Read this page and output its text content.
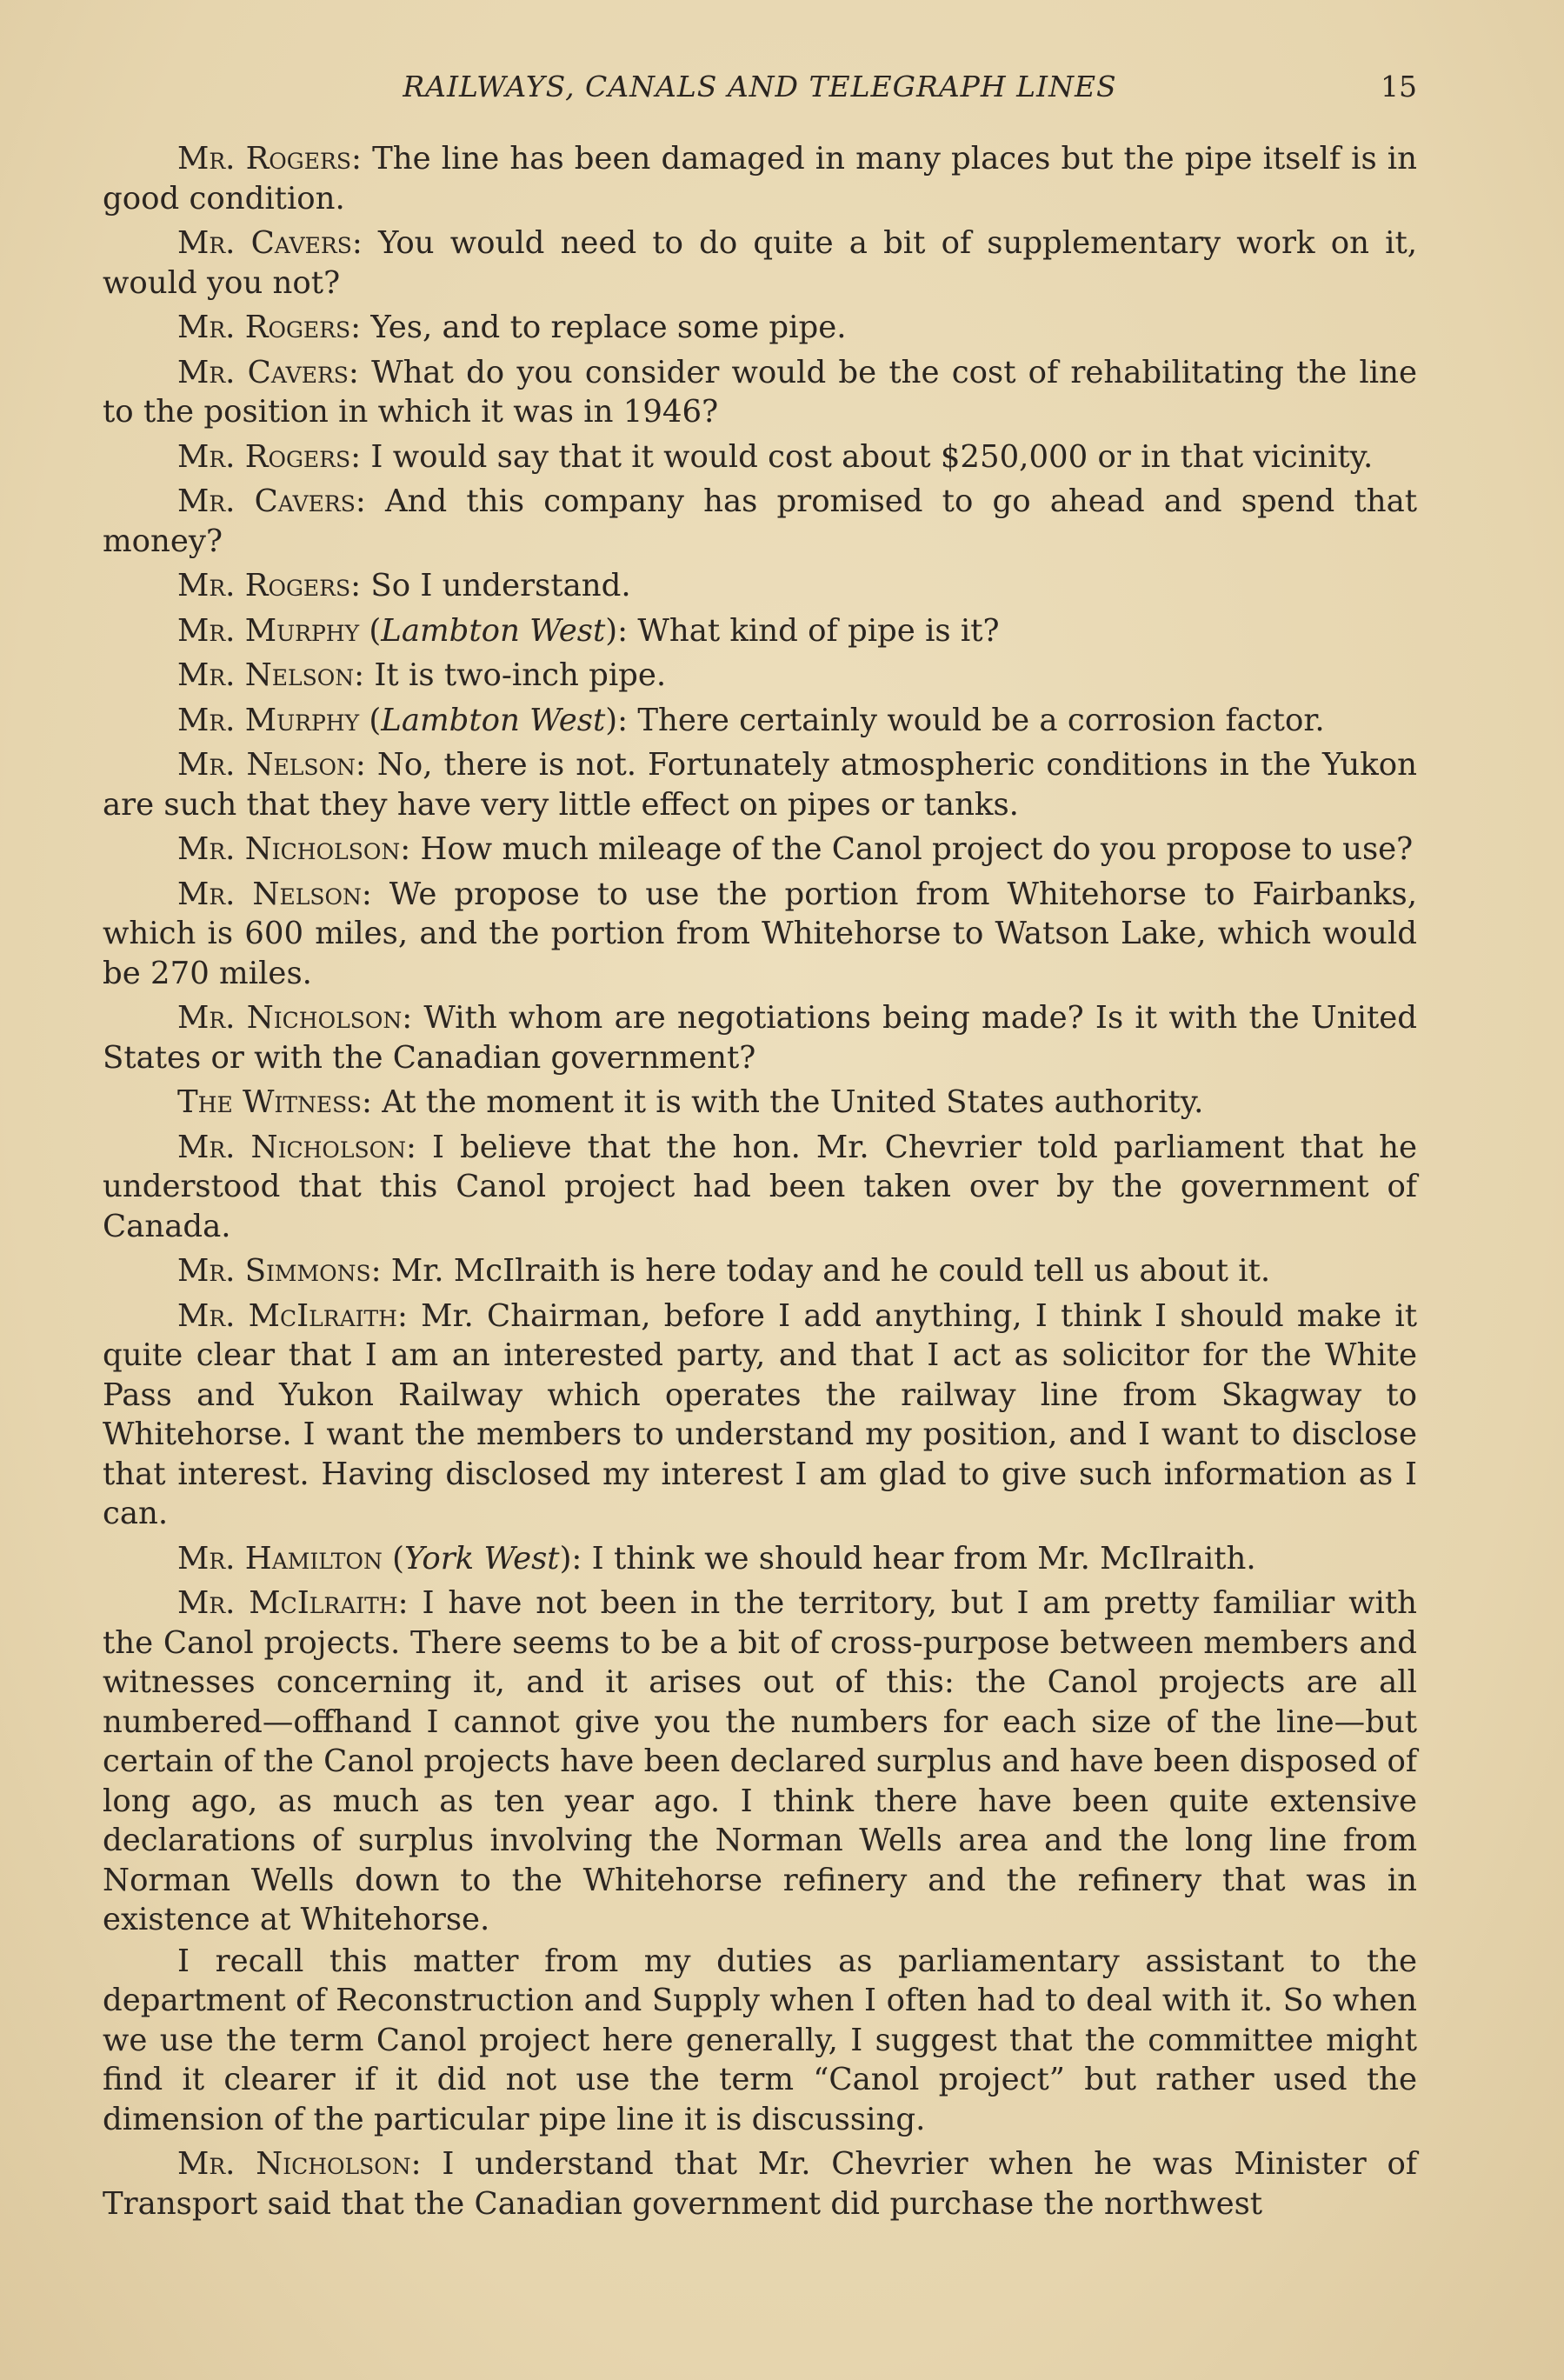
RAILWAYS, CANALS AND TELEGRAPH LINES	15

Mr. Rogers: The line has been damaged in many places but the pipe itself is in good condition.

Mr. Cavers: You would need to do quite a bit of supplementary work on it, would you not?

Mr. Rogers: Yes, and to replace some pipe.

Mr. Cavers: What do you consider would be the cost of rehabilitating the line to the position in which it was in 1946?

Mr. Rogers: I would say that it would cost about $250,000 or in that vicinity.

Mr. Cavers: And this company has promised to go ahead and spend that money?

Mr. Rogers: So I understand.

Mr. Murphy (Lambton West): What kind of pipe is it?

Mr. Nelson: It is two-inch pipe.

Mr. Murphy (Lambton West): There certainly would be a corrosion factor.

Mr. Nelson: No, there is not. Fortunately atmospheric conditions in the Yukon are such that they have very little effect on pipes or tanks.

Mr. Nicholson: How much mileage of the Canol project do you propose to use?

Mr. Nelson: We propose to use the portion from Whitehorse to Fairbanks, which is 600 miles, and the portion from Whitehorse to Watson Lake, which would be 270 miles.

Mr. Nicholson: With whom are negotiations being made? Is it with the United States or with the Canadian government?

The Witness: At the moment it is with the United States authority.

Mr. Nicholson: I believe that the hon. Mr. Chevrier told parliament that he understood that this Canol project had been taken over by the government of Canada.

Mr. Simmons: Mr. McIlraith is here today and he could tell us about it.

Mr. McIlraith: Mr. Chairman, before I add anything, I think I should make it quite clear that I am an interested party, and that I act as solicitor for the White Pass and Yukon Railway which operates the railway line from Skagway to Whitehorse. I want the members to understand my position, and I want to disclose that interest. Having disclosed my interest I am glad to give such information as I can.

Mr. Hamilton (York West): I think we should hear from Mr. McIlraith.

Mr. McIlraith: I have not been in the territory, but I am pretty familiar with the Canol projects. There seems to be a bit of cross-purpose between members and witnesses concerning it, and it arises out of this: the Canol projects are all numbered—offhand I cannot give you the numbers for each size of the line—but certain of the Canol projects have been declared surplus and have been disposed of long ago, as much as ten year ago. I think there have been quite extensive declarations of surplus involving the Norman Wells area and the long line from Norman Wells down to the Whitehorse refinery and the refinery that was in existence at Whitehorse.

I recall this matter from my duties as parliamentary assistant to the department of Reconstruction and Supply when I often had to deal with it. So when we use the term Canol project here generally, I suggest that the committee might find it clearer if it did not use the term “Canol project” but rather used the dimension of the particular pipe line it is discussing.

Mr. Nicholson: I understand that Mr. Chevrier when he was Minister of Transport said that the Canadian government did purchase the northwest
